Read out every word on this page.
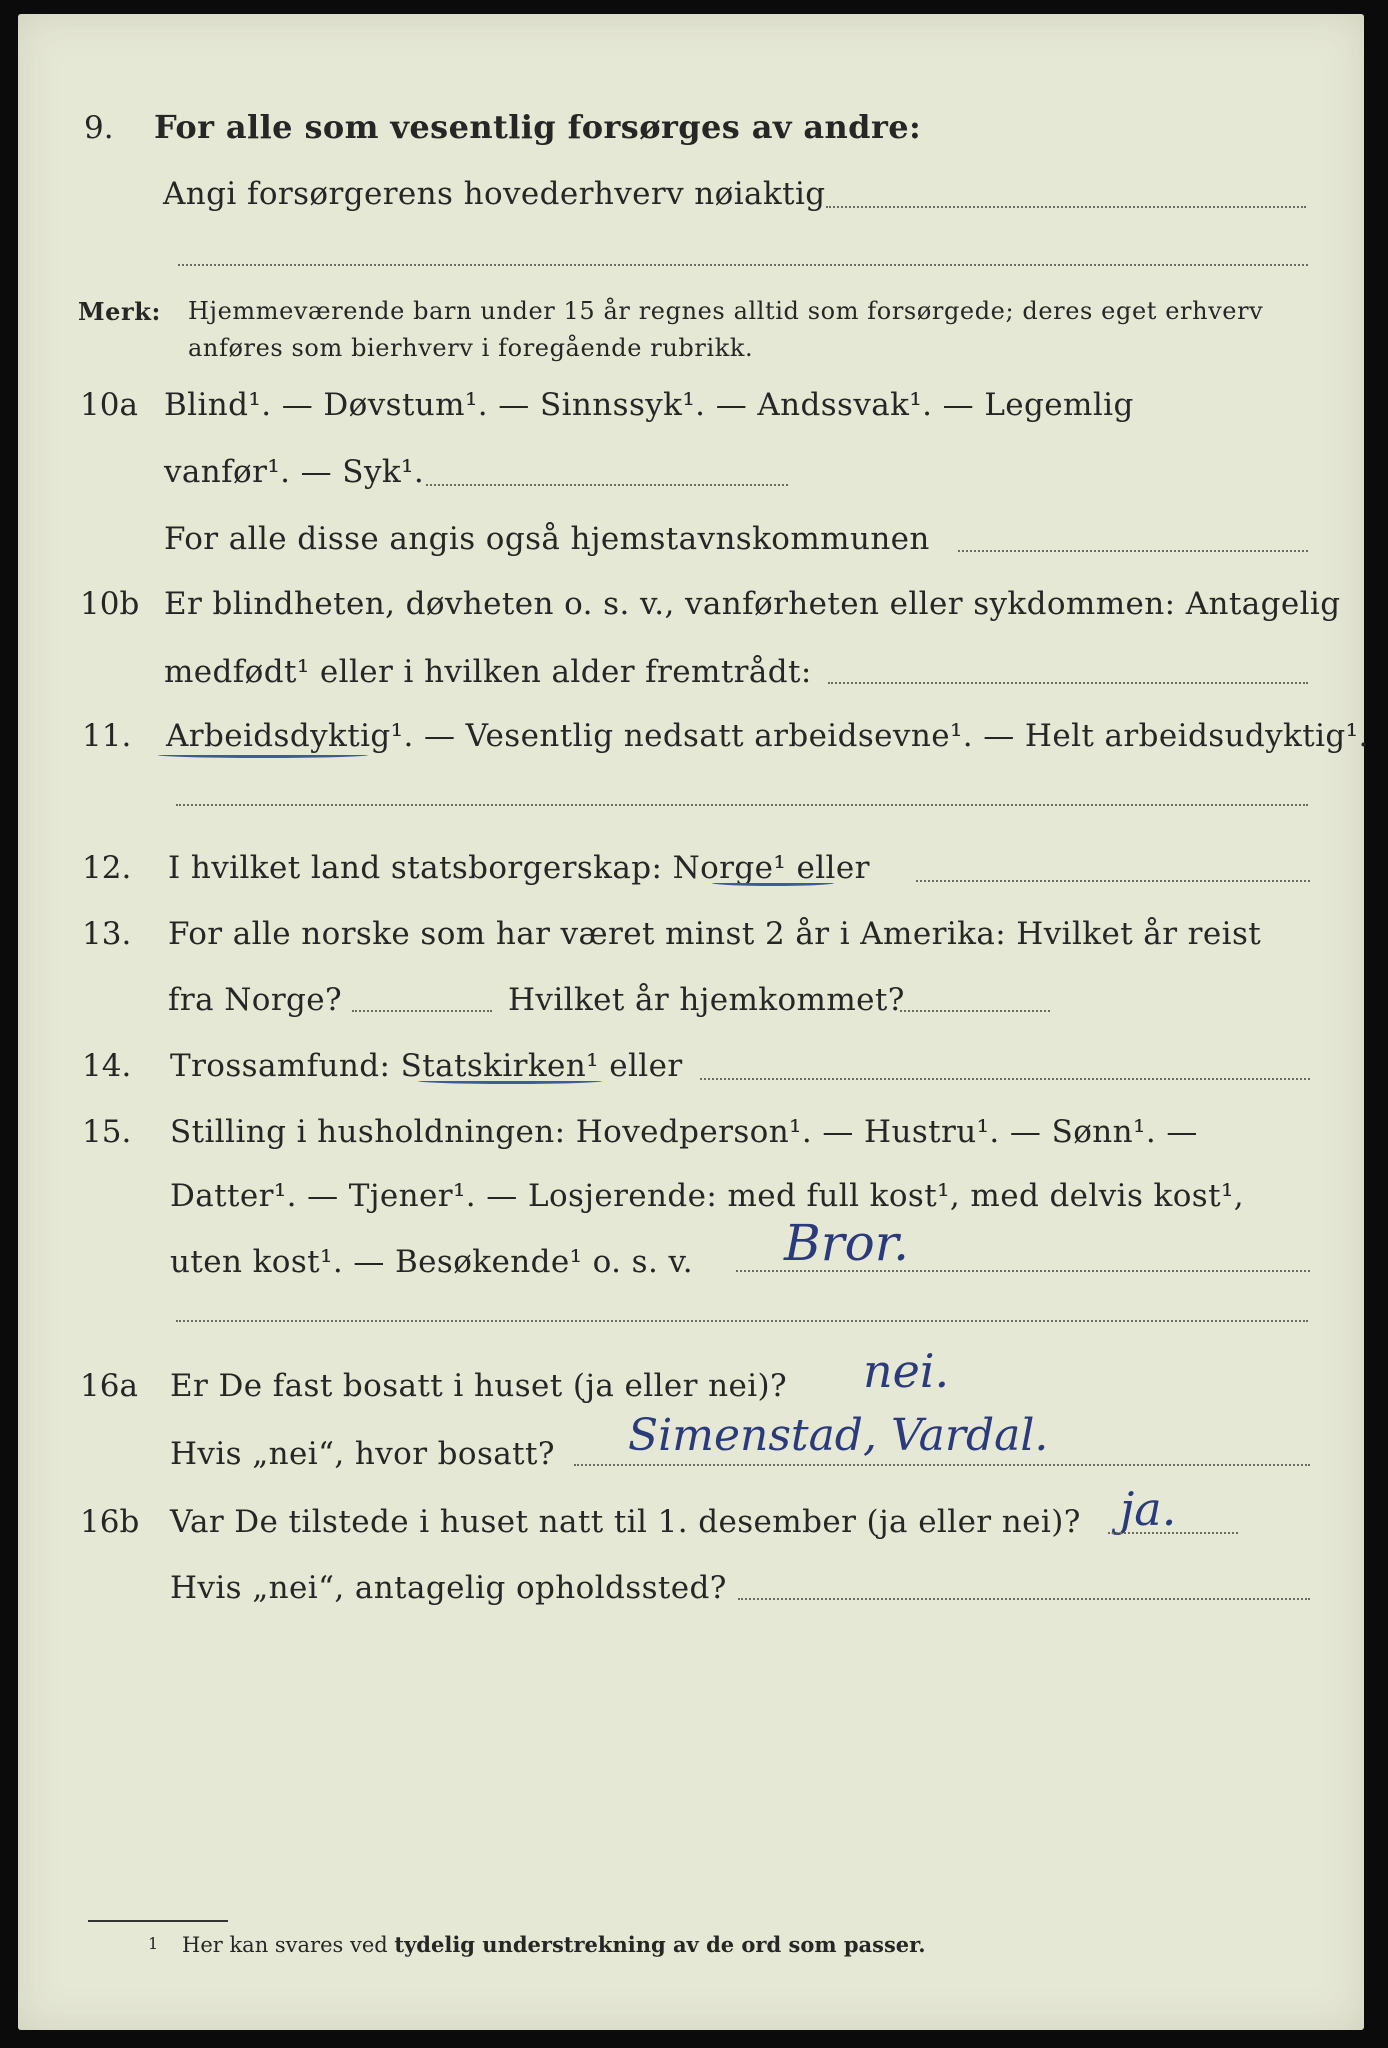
9. For alle som vesentlig forsørges av andre:
Angi forsørgerens hovederhverv nøiaktig
Merk: Hjemmeværende barn under 15 år regnes alltid som forsørgede; deres eget erhverv
anføres som bierhverv i foregående rubrikk.
10a Blind¹. — Døvstum¹. — Sinnssyk¹. — Andssvak¹. — Legemlig
vanfør¹. — Syk¹.
For alle disse angis også hjemstavnskommunen
10b Er blindheten, døvheten o. s. v., vanførheten eller sykdommen: Antagelig
medfødt¹ eller i hvilken alder fremtrådt:
11. Arbeidsdyktig¹. — Vesentlig nedsatt arbeidsevne¹. — Helt arbeidsudyktig¹.
12. I hvilket land statsborgerskap: Norge¹ eller
13. For alle norske som har været minst 2 år i Amerika: Hvilket år reist
fra Norge?	Hvilket år hjemkommet?
14. Trossamfund: Statskirken¹ eller
15. Stilling i husholdningen: Hovedperson¹. — Hustru¹. — Sønn¹. —
Datter¹. — Tjener¹. — Losjerende: med full kost¹, med delvis kost¹,
uten kost¹. — Besøkende¹ o. s. v. Bror.
16a Er De fast bosatt i huset (ja eller nei)? nei.
Hvis „nei“, hvor bosatt? Simenstad, Vardal.
16b Var De tilstede i huset natt til 1. desember (ja eller nei)? ja.
Hvis „nei“, antagelig opholdssted?
1 Her kan svares ved tydelig understrekning av de ord som passer.
